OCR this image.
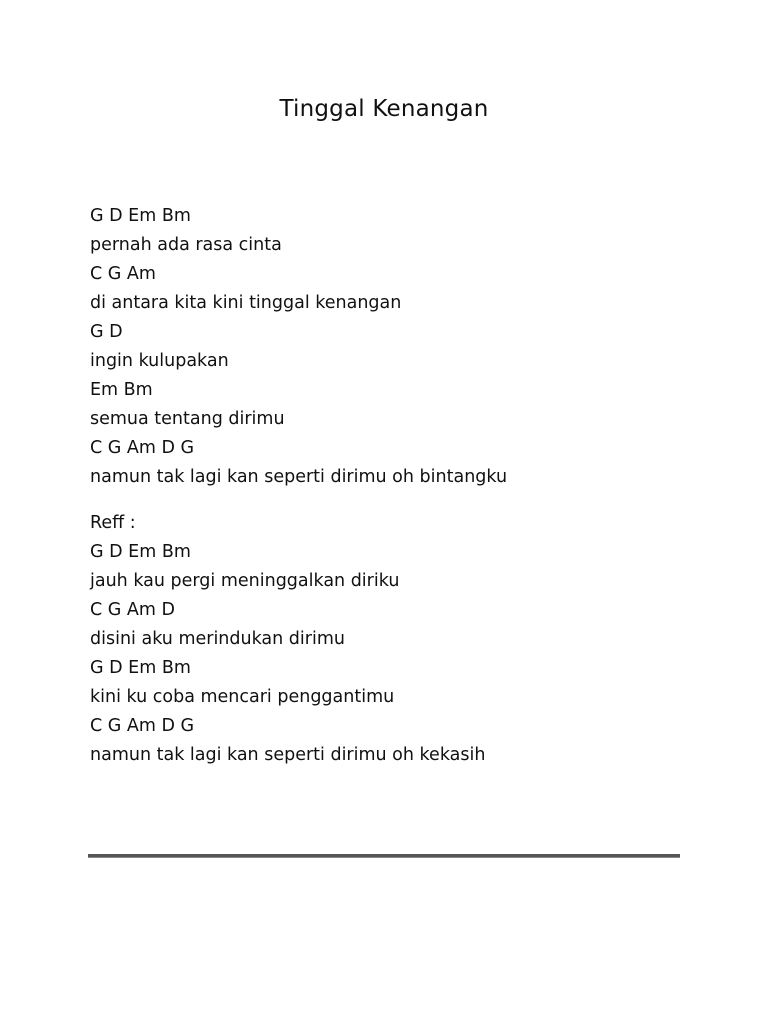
Tinggal Kenangan
G D Em Bm
pernah ada rasa cinta
C G Am
di antara kita kini tinggal kenangan
G D
ingin kulupakan
Em Bm
semua tentang dirimu
C G Am D G
namun tak lagi kan seperti dirimu oh bintangku
Reff :
G D Em Bm
jauh kau pergi meninggalkan diriku
C G Am D
disini aku merindukan dirimu
G D Em Bm
kini ku coba mencari penggantimu
C G Am D G
namun tak lagi kan seperti dirimu oh kekasih
